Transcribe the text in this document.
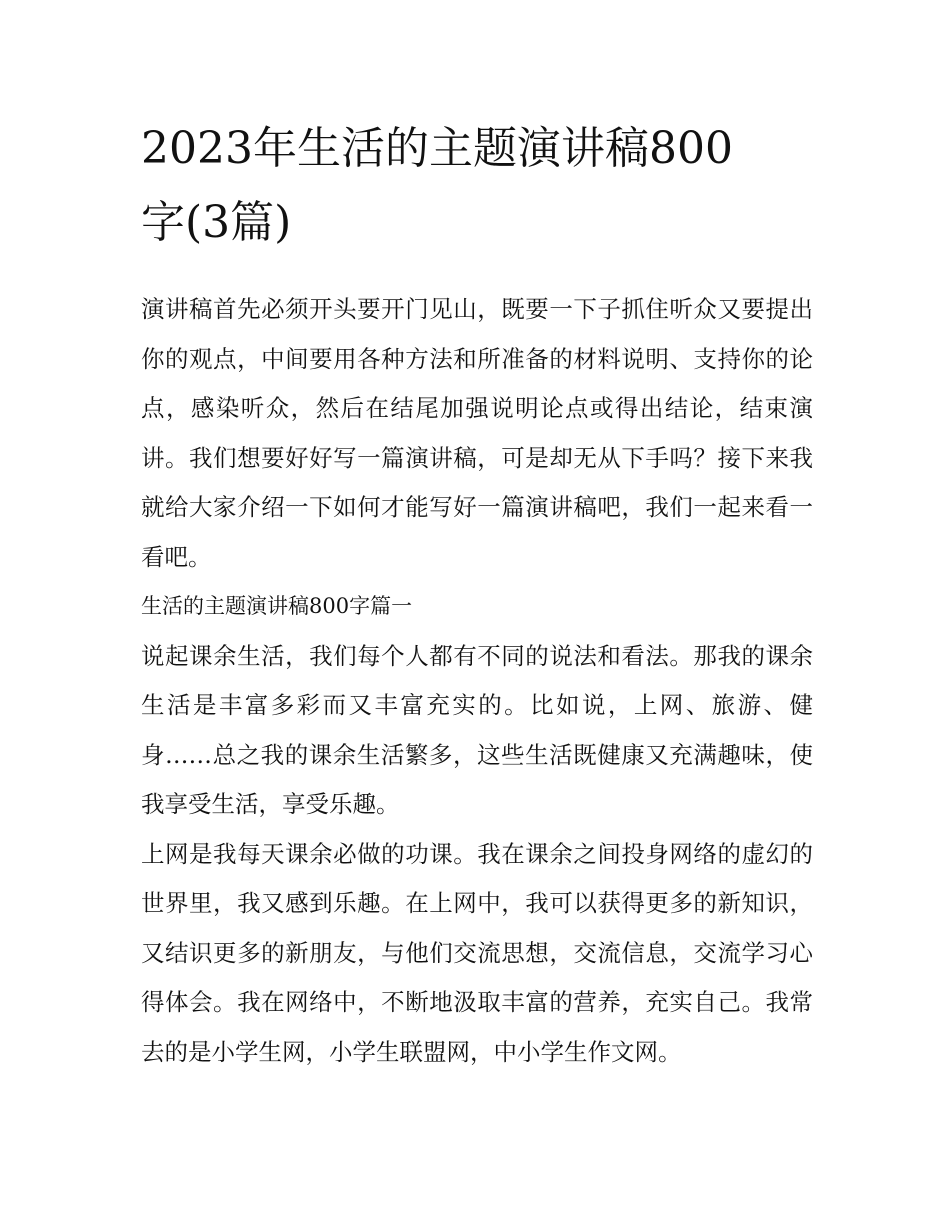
2023年生活的主题演讲稿800
字(3篇)

演讲稿首先必须开头要开门见山，既要一下子抓住听众又要提出你的观点，中间要用各种方法和所准备的材料说明、支持你的论点，感染听众，然后在结尾加强说明论点或得出结论，结束演讲。我们想要好好写一篇演讲稿，可是却无从下手吗？接下来我就给大家介绍一下如何才能写好一篇演讲稿吧，我们一起来看一看吧。

生活的主题演讲稿800字篇一

说起课余生活，我们每个人都有不同的说法和看法。那我的课余生活是丰富多彩而又丰富充实的。比如说，上网、旅游、健身……总之我的课余生活繁多，这些生活既健康又充满趣味，使我享受生活，享受乐趣。

上网是我每天课余必做的功课。我在课余之间投身网络的虚幻的世界里，我又感到乐趣。在上网中，我可以获得更多的新知识，又结识更多的新朋友，与他们交流思想，交流信息，交流学习心得体会。我在网络中，不断地汲取丰富的营养，充实自己。我常去的是小学生网，小学生联盟网，中小学生作文网。
